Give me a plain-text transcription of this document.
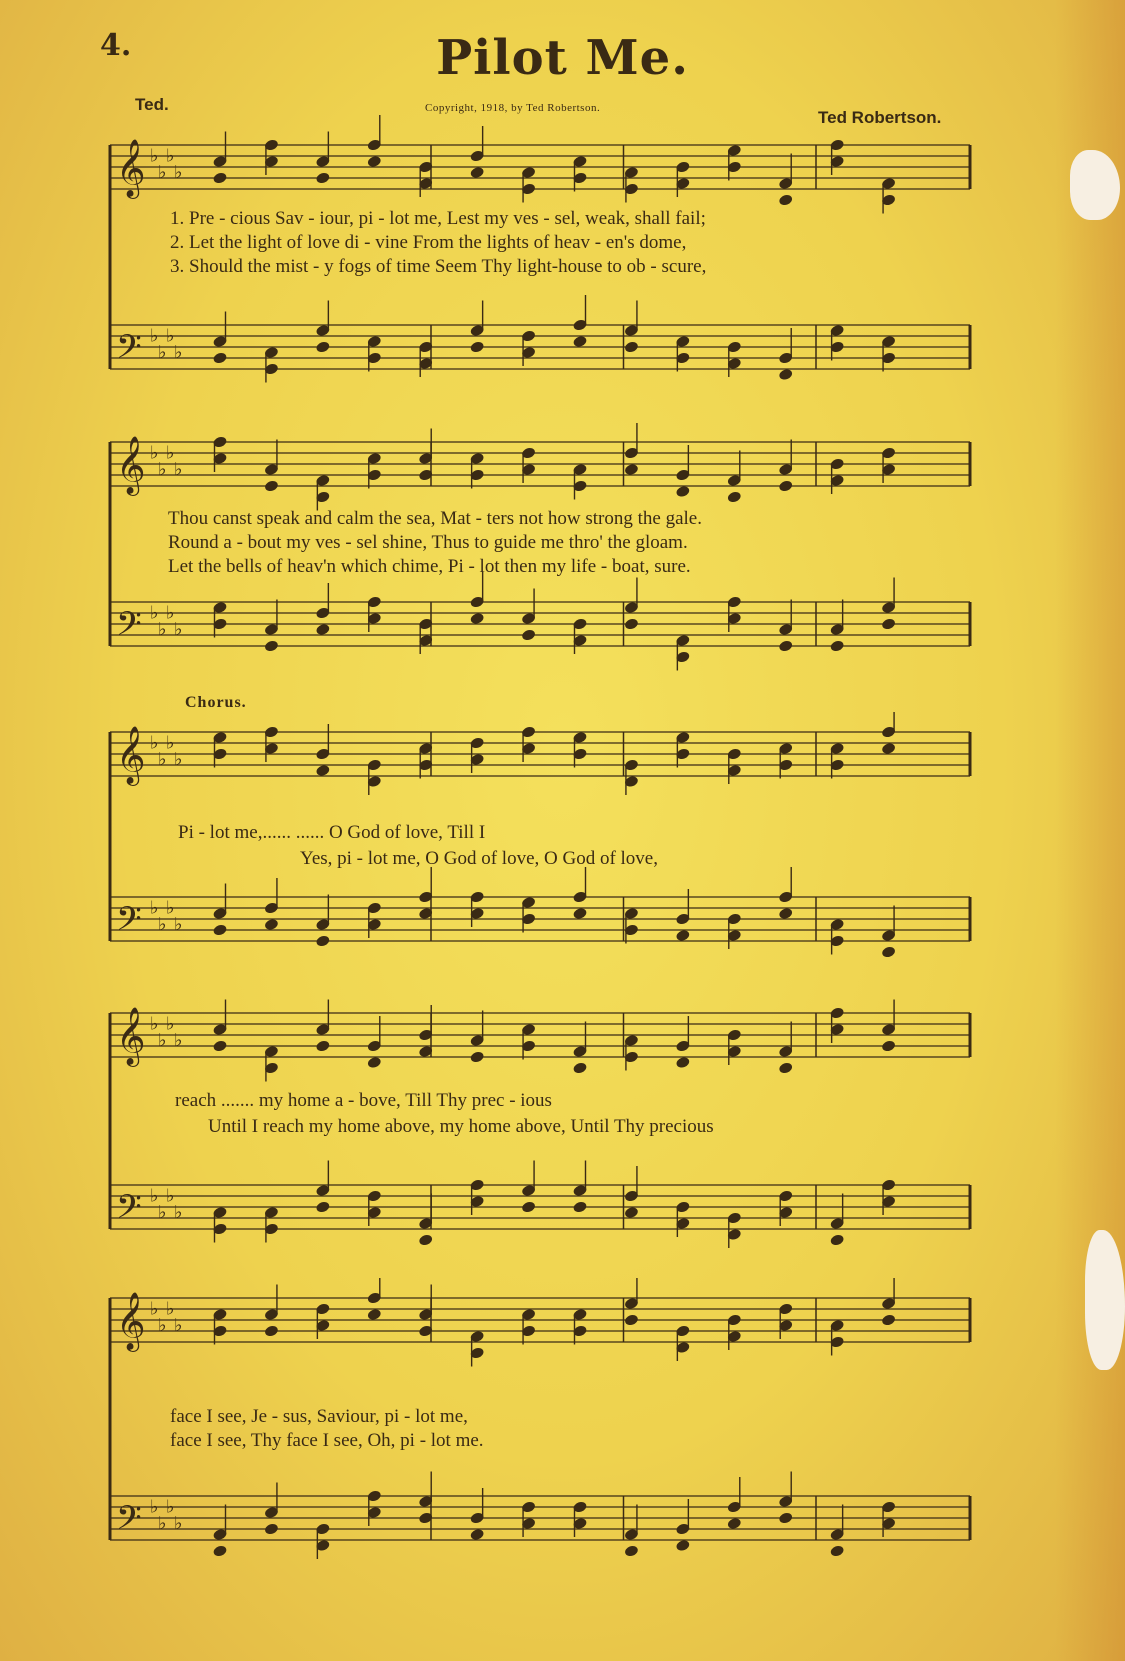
4.	Pilot Me.
Ted.	Copyright, 1918, by Ted Robertson.	Ted Robertson.
𝄞 ♭
♭
♭
♭
𝄢 ♭
♭
♭
♭
1. Pre - cious Sav - iour, pi - lot me, Lest my ves - sel, weak, shall fail;
2. Let the light of love di - vine From the lights of heav - en's dome,
3. Should the mist - y fogs of time Seem Thy light-house to ob - scure,
𝄞 ♭
♭
♭
♭
𝄢 ♭
♭
♭
♭
Thou canst speak and calm the sea, Mat - ters not how strong the gale.
Round a - bout my ves - sel shine, Thus to guide me thro' the gloam.
Let the bells of heav'n which chime, Pi - lot then my life - boat, sure.
Chorus.
𝄞 ♭
♭
♭
♭
𝄢 ♭
♭
♭
♭
Pi - lot me,...... ...... O God of love, Till I
Yes, pi - lot me, O God of love, O God of love,
𝄞 ♭
♭
♭
♭
𝄢 ♭
♭
♭
♭
reach ....... my home a - bove, Till Thy prec - ious
Until I reach my home above, my home above, Until Thy precious
𝄞 ♭
♭
♭
♭
𝄢 ♭
♭
♭
♭
face I see, Je - sus, Saviour, pi - lot me,
face I see, Thy face I see, Oh, pi - lot me.
